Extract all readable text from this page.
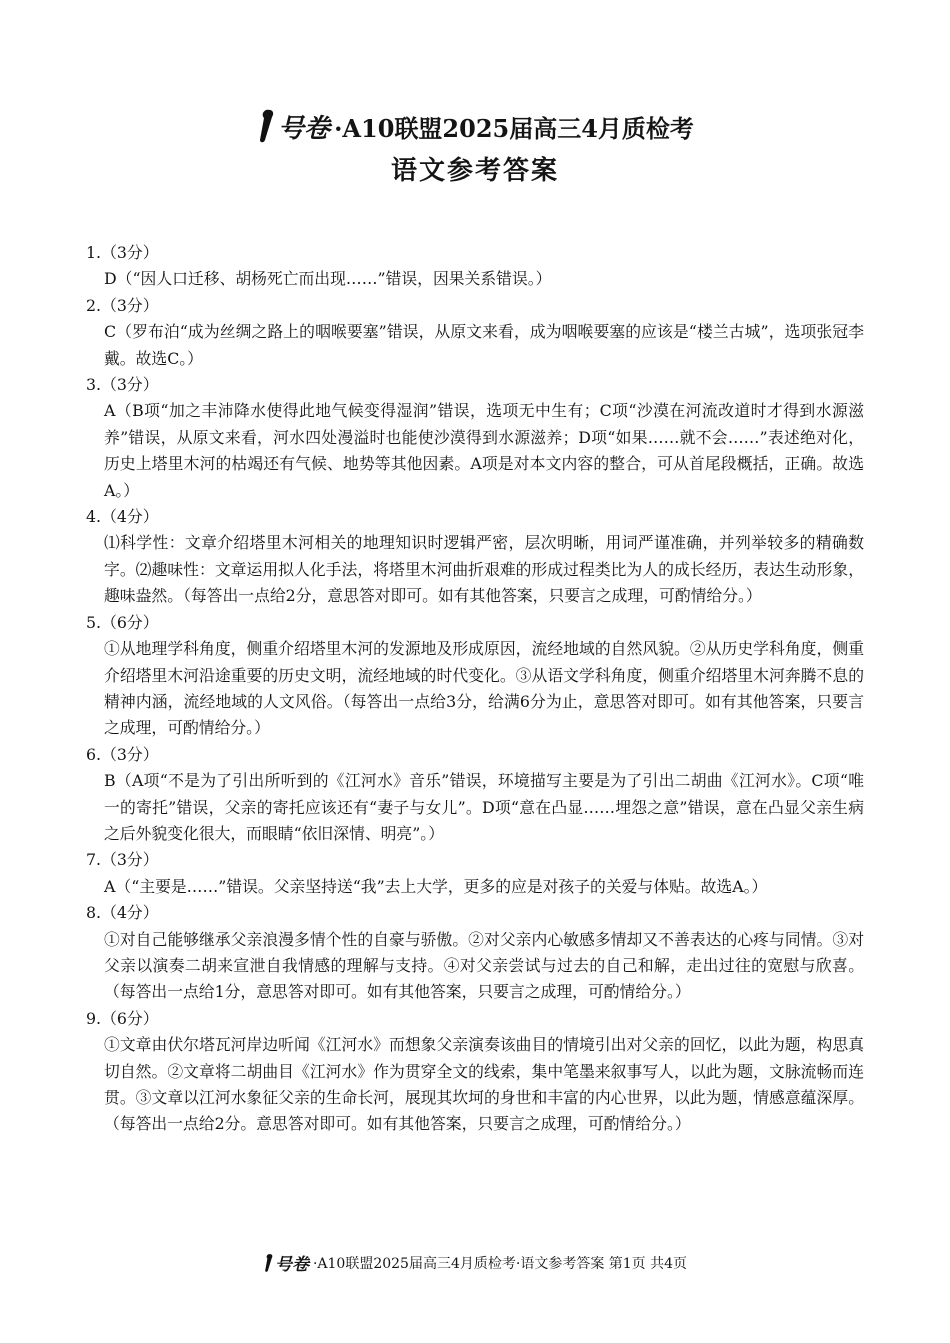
号卷 ·A10联盟2025届高三4月质检考
语文参考答案
1.（3分）
D（“因人口迁移、胡杨死亡而出现……”错误，因果关系错误。）
2.（3分）
C（罗布泊“成为丝绸之路上的咽喉要塞”错误，从原文来看，成为咽喉要塞的应该是“楼兰古城”，选项张冠李戴。故选C。）
3.（3分）
A（B项“加之丰沛降水使得此地气候变得湿润”错误，选项无中生有；C项“沙漠在河流改道时才得到水源滋养”错误，从原文来看，河水四处漫溢时也能使沙漠得到水源滋养；D项“如果……就不会……”表述绝对化，历史上塔里木河的枯竭还有气候、地势等其他因素。A项是对本文内容的整合，可从首尾段概括，正确。故选A。）
4.（4分）
⑴科学性：文章介绍塔里木河相关的地理知识时逻辑严密，层次明晰，用词严谨准确，并列举较多的精确数字。⑵趣味性：文章运用拟人化手法，将塔里木河曲折艰难的形成过程类比为人的成长经历，表达生动形象，趣味盎然。（每答出一点给2分，意思答对即可。如有其他答案，只要言之成理，可酌情给分。）
5.（6分）
①从地理学科角度，侧重介绍塔里木河的发源地及形成原因，流经地域的自然风貌。②从历史学科角度，侧重介绍塔里木河沿途重要的历史文明，流经地域的时代变化。③从语文学科角度，侧重介绍塔里木河奔腾不息的精神内涵，流经地域的人文风俗。（每答出一点给3分，给满6分为止，意思答对即可。如有其他答案，只要言之成理，可酌情给分。）
6.（3分）
B（A项“不是为了引出所听到的《江河水》音乐”错误，环境描写主要是为了引出二胡曲《江河水》。C项“唯一的寄托”错误，父亲的寄托应该还有“妻子与女儿”。D项“意在凸显……埋怨之意”错误，意在凸显父亲生病之后外貌变化很大，而眼睛“依旧深情、明亮”。）
7.（3分）
A（“主要是……”错误。父亲坚持送“我”去上大学，更多的应是对孩子的关爱与体贴。故选A。）
8.（4分）
①对自己能够继承父亲浪漫多情个性的自豪与骄傲。②对父亲内心敏感多情却又不善表达的心疼与同情。③对父亲以演奏二胡来宣泄自我情感的理解与支持。④对父亲尝试与过去的自己和解，走出过往的宽慰与欣喜。（每答出一点给1分，意思答对即可。如有其他答案，只要言之成理，可酌情给分。）
9.（6分）
①文章由伏尔塔瓦河岸边听闻《江河水》而想象父亲演奏该曲目的情境引出对父亲的回忆，以此为题，构思真切自然。②文章将二胡曲目《江河水》作为贯穿全文的线索，集中笔墨来叙事写人，以此为题，文脉流畅而连贯。③文章以江河水象征父亲的生命长河，展现其坎坷的身世和丰富的内心世界，以此为题，情感意蕴深厚。（每答出一点给2分。意思答对即可。如有其他答案，只要言之成理，可酌情给分。）
号卷 ·A10联盟2025届高三4月质检考·语文参考答案 第1页 共4页
